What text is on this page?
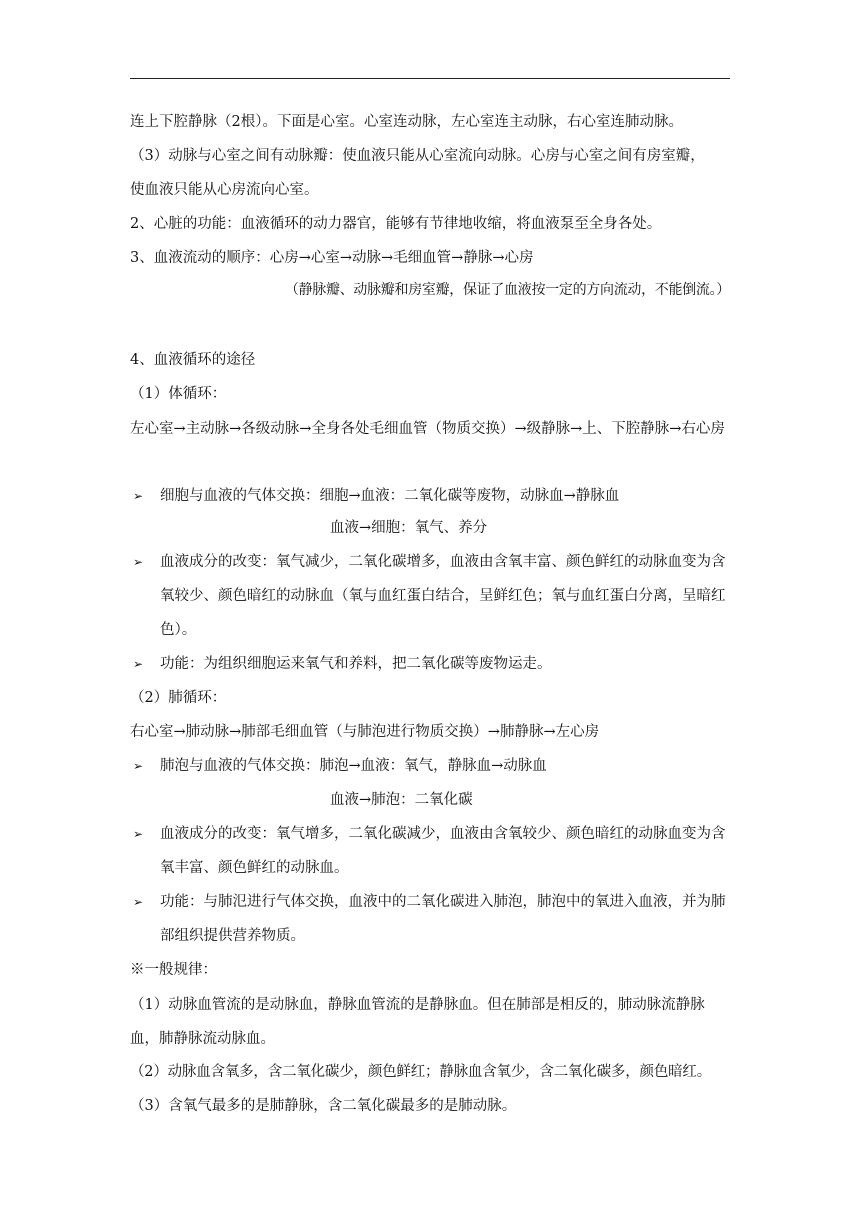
连上下腔静脉（2根）。下面是心室。心室连动脉，左心室连主动脉，右心室连肺动脉。
（3）动脉与心室之间有动脉瓣：使血液只能从心室流向动脉。心房与心室之间有房室瓣，
使血液只能从心房流向心室。
2、心脏的功能：血液循环的动力器官，能够有节律地收缩，将血液泵至全身各处。
3、血液流动的顺序：心房→心室→动脉→毛细血管→静脉→心房
（静脉瓣、动脉瓣和房室瓣，保证了血液按一定的方向流动，不能倒流。）
4、血液循环的途径
（1）体循环：
左心室→主动脉→各级动脉→全身各处毛细血管（物质交换）→级静脉→上、下腔静脉→右心房
➢	细胞与血液的气体交换：细胞→血液：二氧化碳等废物，动脉血→静脉血
血液→细胞：氧气、养分
➢	血液成分的改变：氧气减少，二氧化碳增多，血液由含氧丰富、颜色鲜红的动脉血变为含氧较少、颜色暗红的动脉血（氧与血红蛋白结合，呈鲜红色；氧与血红蛋白分离，呈暗红色）。
➢	功能：为组织细胞运来氧气和养料，把二氧化碳等废物运走。
（2）肺循环：
右心室→肺动脉→肺部毛细血管（与肺泡进行物质交换）→肺静脉→左心房
➢	肺泡与血液的气体交换：肺泡→血液：氧气，静脉血→动脉血
血液→肺泡：二氧化碳
➢	血液成分的改变：氧气增多，二氧化碳减少，血液由含氧较少、颜色暗红的动脉血变为含氧丰富、颜色鲜红的动脉血。
➢	功能：与肺氾进行气体交换，血液中的二氧化碳进入肺泡，肺泡中的氧进入血液，并为肺部组织提供营养物质。
※一般规律：
（1）动脉血管流的是动脉血，静脉血管流的是静脉血。但在肺部是相反的，肺动脉流静脉血，肺静脉流动脉血。
（2）动脉血含氧多，含二氧化碳少，颜色鲜红；静脉血含氧少，含二氧化碳多，颜色暗红。
（3）含氧气最多的是肺静脉，含二氧化碳最多的是肺动脉。
